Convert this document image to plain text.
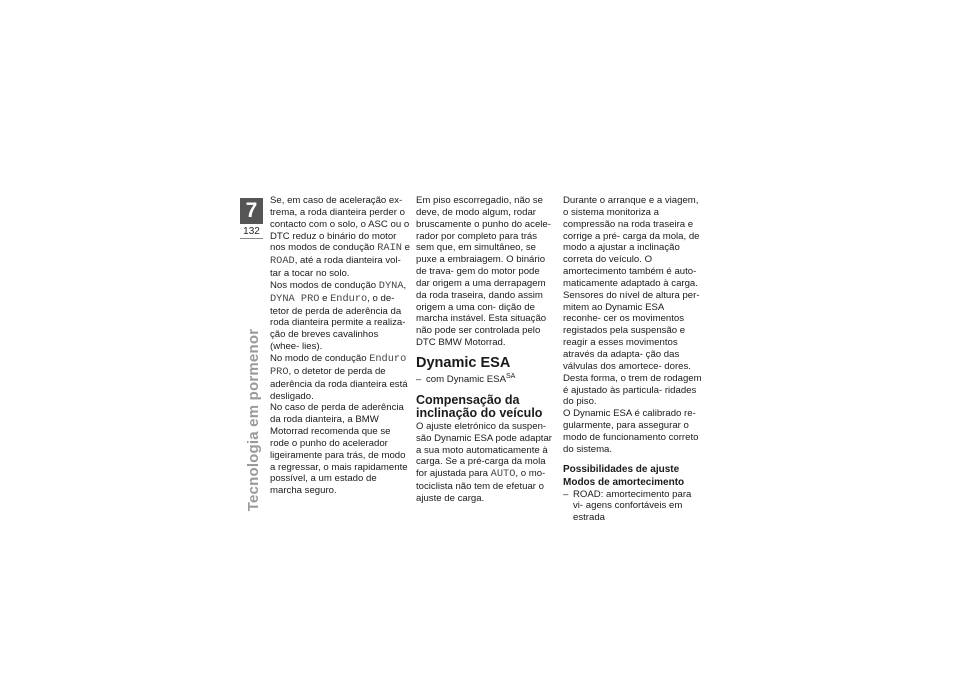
7
132
Tecnologia em pormenor

Se, em caso de aceleração ex- trema, a roda dianteira perder o contacto com o solo, o ASC ou o DTC reduz o binário do motor nos modos de condução RAIN e ROAD, até a roda dianteira vol- tar a tocar no solo.

Nos modos de condução DYNA, DYNA PRO e Enduro, o de- tetor de perda de aderência da roda dianteira permite a realiza- ção de breves cavalinhos (whee- lies).

No modo de condução Enduro PRO, o detetor de perda de aderência da roda dianteira está desligado.

No caso de perda de aderência da roda dianteira, a BMW Motorrad recomenda que se rode o punho do acelerador ligeiramente para trás, de modo a regressar, o mais rapidamente possível, a um estado de marcha seguro.

Em piso escorregadio, não se deve, de modo algum, rodar bruscamente o punho do acele- rador por completo para trás sem que, em simultâneo, se puxe a embraiagem. O binário de trava- gem do motor pode dar origem a uma derrapagem da roda traseira, dando assim origem a uma con- dição de marcha instável. Esta situação não pode ser controlada pelo DTC BMW Motorrad.

Dynamic ESA

– com Dynamic $ESA^{SA}$

Compensação da inclinação do veículo

O ajuste eletrónico da suspen- são Dynamic ESA pode adaptar a sua moto automaticamente à carga. Se a pré-carga da mola for ajustada para AUTO, o mo- tociclista não tem de efetuar o ajuste de carga.

Durante o arranque e a viagem, o sistema monitoriza a compressão na roda traseira e corrige a pré- carga da mola, de modo a ajustar a inclinação correta do veículo. O amortecimento também é auto- maticamente adaptado à carga. Sensores do nível de altura per- mitem ao Dynamic ESA reconhe- cer os movimentos registados pela suspensão e reagir a esses movimentos através da adapta- ção das válvulas dos amortece- dores. Desta forma, o trem de rodagem é ajustado às particula- ridades do piso.

O Dynamic ESA é calibrado re- gularmente, para assegurar o modo de funcionamento correto do sistema.

Possibilidades de ajuste
Modos de amortecimento
– ROAD: amortecimento para vi- agens confortáveis em estrada
